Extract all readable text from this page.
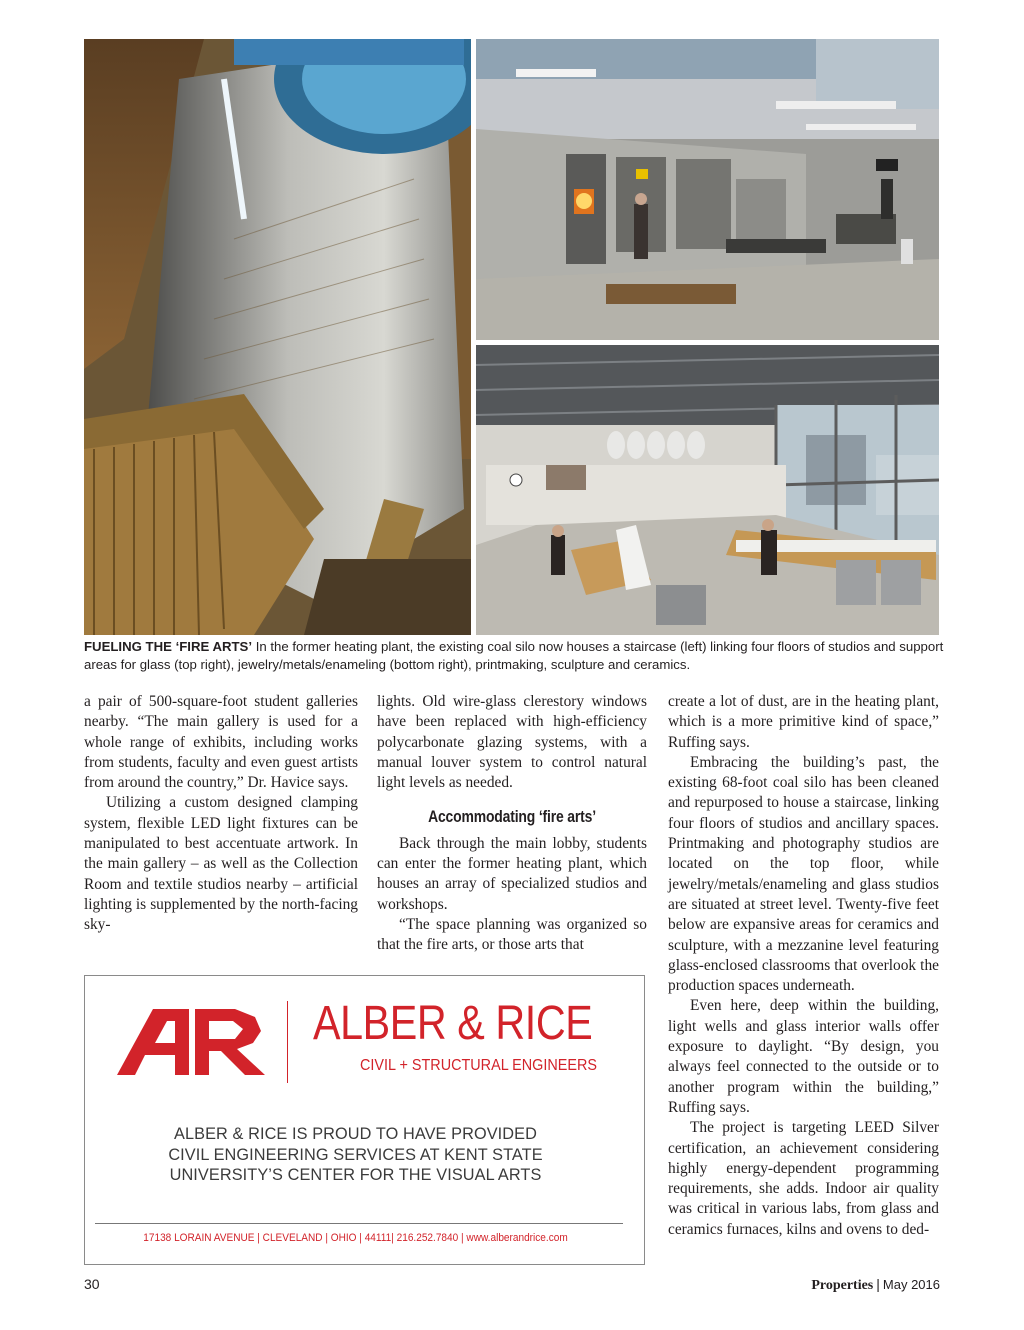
FUELING THE ‘FIRE ARTS’ In the former heating plant, the existing coal silo now houses a staircase (left) linking four floors of studios and support areas for glass (top right), jewelry/metals/enameling (bottom right), printmaking, sculpture and ceramics.

a pair of 500-square-foot student galleries nearby. “The main gallery is used for a whole range of exhibits, including works from students, faculty and even guest artists from around the country,” Dr. Havice says.

Utilizing a custom designed clamping system, flexible LED light fixtures can be manipulated to best accentuate artwork. In the main gallery – as well as the Collection Room and textile studios nearby – artificial lighting is supplemented by the north-facing sky-

lights. Old wire-glass clerestory windows have been replaced with high-efficiency polycarbonate glazing systems, with a manual louver system to control natural light levels as needed.

Accommodating ‘fire arts’

Back through the main lobby, students can enter the former heating plant, which houses an array of specialized studios and workshops.

“The space planning was organized so that the fire arts, or those arts that

create a lot of dust, are in the heating plant, which is a more primitive kind of space,” Ruffing says.

Embracing the building’s past, the existing 68-foot coal silo has been cleaned and repurposed to house a staircase, linking four floors of studios and ancillary spaces. Printmaking and photography studios are located on the top floor, while jewelry/metals/enameling and glass studios are situated at street level. Twenty-five feet below are expansive areas for ceramics and sculpture, with a mezzanine level featuring glass-enclosed classrooms that overlook the production spaces underneath.

Even here, deep within the building, light wells and glass interior walls offer exposure to daylight. “By design, you always feel connected to the outside or to another program within the building,” Ruffing says.

The project is targeting LEED Silver certification, an achievement considering highly energy-dependent programming requirements, she adds. Indoor air quality was critical in various labs, from glass and ceramics furnaces, kilns and ovens to ded-

ALBER & RICE
CIVIL + STRUCTURAL ENGINEERS
ALBER & RICE IS PROUD TO HAVE PROVIDED
CIVIL ENGINEERING SERVICES AT KENT STATE
UNIVERSITY’S CENTER FOR THE VISUAL ARTS
17138 LORAIN AVENUE | CLEVELAND | OHIO | 44111| 216.252.7840 | www.alberandrice.com
30	Properties | May 2016
